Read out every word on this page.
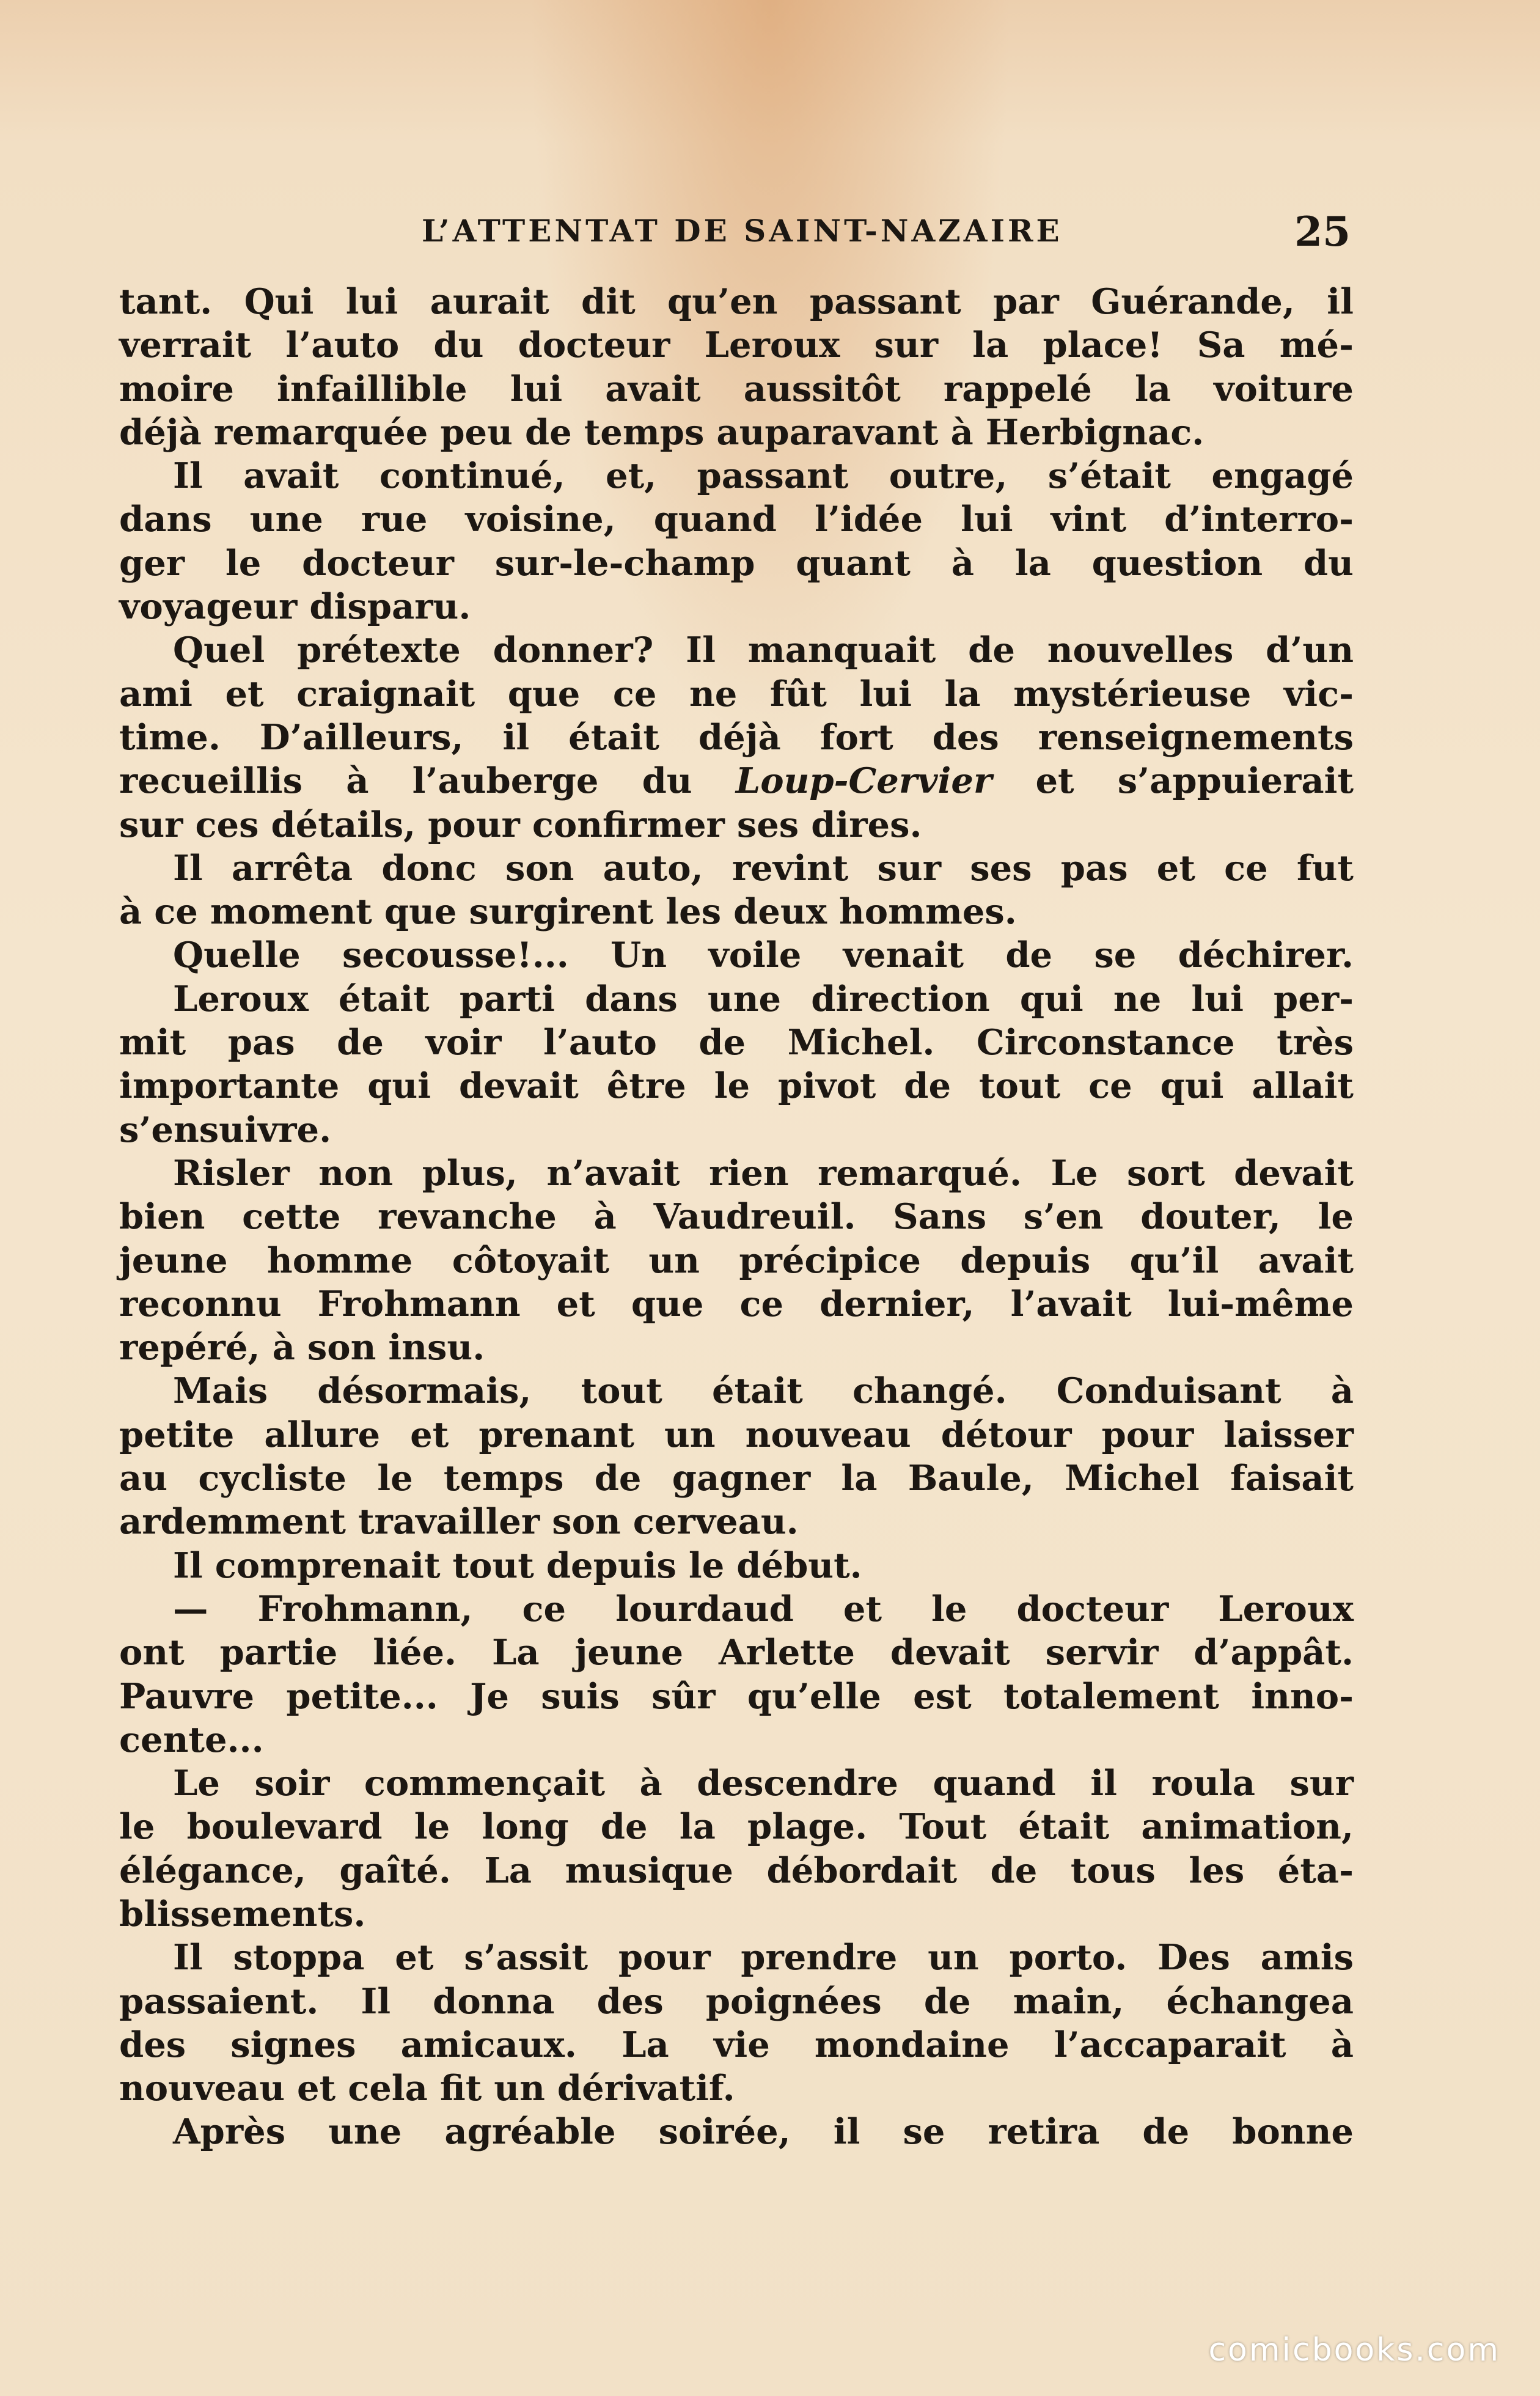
L’ATTENTAT DE SAINT-NAZAIRE	25
tant. Qui lui aurait dit qu’en passant par Guérande, il
verrait l’auto du docteur Leroux sur la place! Sa mé-
moire infaillible lui avait aussitôt rappelé la voiture
déjà remarquée peu de temps auparavant à Herbignac.
Il avait continué, et, passant outre, s’était engagé
dans une rue voisine, quand l’idée lui vint d’interro-
ger le docteur sur-le-champ quant à la question du
voyageur disparu.
Quel prétexte donner? Il manquait de nouvelles d’un
ami et craignait que ce ne fût lui la mystérieuse vic-
time. D’ailleurs, il était déjà fort des renseignements
recueillis à l’auberge du Loup-Cervier et s’appuierait
sur ces détails, pour confirmer ses dires.
Il arrêta donc son auto, revint sur ses pas et ce fut
à ce moment que surgirent les deux hommes.
Quelle secousse!... Un voile venait de se déchirer.
Leroux était parti dans une direction qui ne lui per-
mit pas de voir l’auto de Michel. Circonstance très
importante qui devait être le pivot de tout ce qui allait
s’ensuivre.
Risler non plus, n’avait rien remarqué. Le sort devait
bien cette revanche à Vaudreuil. Sans s’en douter, le
jeune homme côtoyait un précipice depuis qu’il avait
reconnu Frohmann et que ce dernier, l’avait lui-même
repéré, à son insu.
Mais désormais, tout était changé. Conduisant à
petite allure et prenant un nouveau détour pour laisser
au cycliste le temps de gagner la Baule, Michel faisait
ardemment travailler son cerveau.
Il comprenait tout depuis le début.
— Frohmann, ce lourdaud et le docteur Leroux
ont partie liée. La jeune Arlette devait servir d’appât.
Pauvre petite... Je suis sûr qu’elle est totalement inno-
cente...
Le soir commençait à descendre quand il roula sur
le boulevard le long de la plage. Tout était animation,
élégance, gaîté. La musique débordait de tous les éta-
blissements.
Il stoppa et s’assit pour prendre un porto. Des amis
passaient. Il donna des poignées de main, échangea
des signes amicaux. La vie mondaine l’accaparait à
nouveau et cela fit un dérivatif.
Après une agréable soirée, il se retira de bonne
comicbooks.com
